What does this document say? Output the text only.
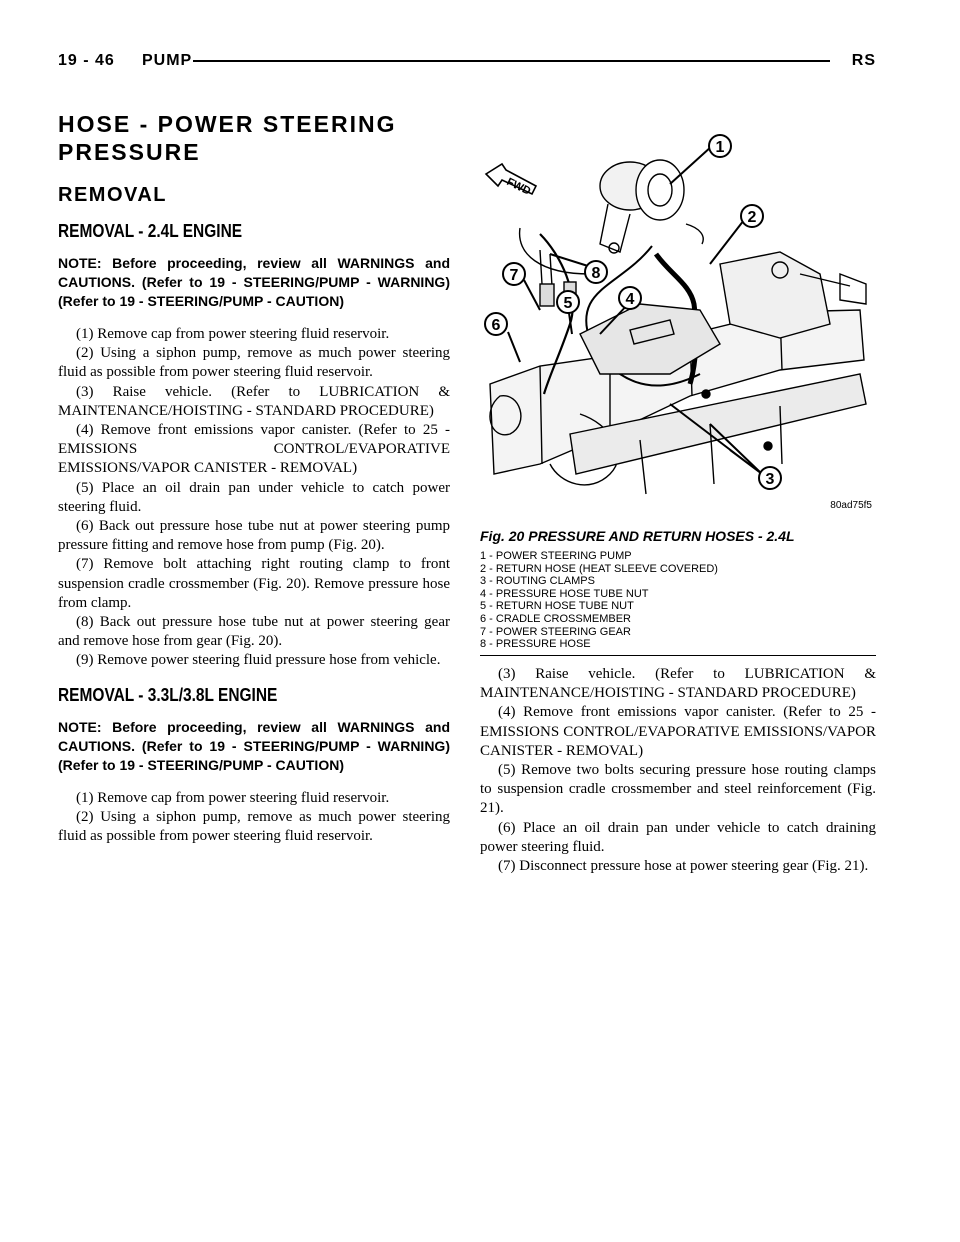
19 - 46 PUMP	RS
HOSE - POWER STEERING PRESSURE
REMOVAL
REMOVAL - 2.4L ENGINE
NOTE: Before proceeding, review all WARNINGS and CAUTIONS. (Refer to 19 - STEERING/PUMP - WARNING)(Refer to 19 - STEERING/PUMP - CAUTION)

(1) Remove cap from power steering fluid reservoir.

(2) Using a siphon pump, remove as much power steering fluid as possible from power steering fluid reservoir.

(3) Raise vehicle. (Refer to LUBRICATION & MAINTENANCE/HOISTING - STANDARD PROCEDURE)

(4) Remove front emissions vapor canister. (Refer to 25 - EMISSIONS CONTROL/EVAPORATIVE EMISSIONS/VAPOR CANISTER - REMOVAL)

(5) Place an oil drain pan under vehicle to catch power steering fluid.

(6) Back out pressure hose tube nut at power steering pump pressure fitting and remove hose from pump (Fig. 20).

(7) Remove bolt attaching right routing clamp to front suspension cradle crossmember (Fig. 20). Remove pressure hose from clamp.

(8) Back out pressure hose tube nut at power steering gear and remove hose from gear (Fig. 20).

(9) Remove power steering fluid pressure hose from vehicle.

REMOVAL - 3.3L/3.8L ENGINE
NOTE: Before proceeding, review all WARNINGS and CAUTIONS. (Refer to 19 - STEERING/PUMP - WARNING)(Refer to 19 - STEERING/PUMP - CAUTION)

(1) Remove cap from power steering fluid reservoir.

(2) Using a siphon pump, remove as much power steering fluid as possible from power steering fluid reservoir.

FWD
1
2
3
4
5
6
7	8
80ad75f5
Fig. 20 PRESSURE AND RETURN HOSES - 2.4L
1 - POWER STEERING PUMP
2 - RETURN HOSE (HEAT SLEEVE COVERED)
3 - ROUTING CLAMPS
4 - PRESSURE HOSE TUBE NUT
5 - RETURN HOSE TUBE NUT
6 - CRADLE CROSSMEMBER
7 - POWER STEERING GEAR
8 - PRESSURE HOSE

(3) Raise vehicle. (Refer to LUBRICATION & MAINTENANCE/HOISTING - STANDARD PROCEDURE)

(4) Remove front emissions vapor canister. (Refer to 25 - EMISSIONS CONTROL/EVAPORATIVE EMISSIONS/VAPOR CANISTER - REMOVAL)

(5) Remove two bolts securing pressure hose routing clamps to suspension cradle crossmember and steel reinforcement (Fig. 21).

(6) Place an oil drain pan under vehicle to catch draining power steering fluid.

(7) Disconnect pressure hose at power steering gear (Fig. 21).
